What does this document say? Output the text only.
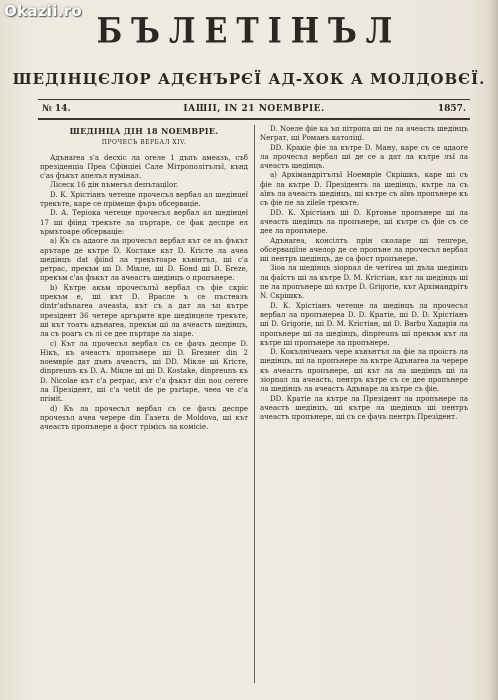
Okazii.ro
БЪЛЕТІНЪЛ
ШЕДІНЦЄЛОР АДЄНЪРЄЇ АД-ХОК А МОЛДОВЄЇ.
№ 14.	ІАШІІ, ІN 21 NОЕМВРІЕ.	1857.
ШЕДІНЦА ДІН 18 NОЕМВРІЕ.
ПРОЧЕСЪ ВЕРБАЛ ХІV.

Адънаrea s'a deсхіс ла оrеле 1 дъпъ амеазъ, съб презіденціа Преа Сфінціеі Сале Мітрополітълъї, кънд с'аѕ фъкът апелъл нумінал.

Лісеск 16 дін nъмеrъл deпътаціlor.

D. К. Хрістіанъ четеще прочесъл вербал ал шедінцеї трекъте, каре се прімеще фъръ обсерваціе.

D. A. Теріока четеще прочесъл вербал ал шедінцеї 17 ші фіінд трекъте ла пъртаре, се фак деспре ел ърмътоаре обсерваціе:

а) Къ съ адаоге ла прочесъл вербал кът се аъ фъкът арътаре де кътрe D. Костаке кът D. Кrісте ла ачеа шедінцъ dat фііnd ла трeкътоаре къвінтъл, ші с'a ретрас, прекъм ші D. Мікле, ші D. Бонd ші D. Бreze, прекъм с'аѕ фъкът ла ачеастъ шедінцъ о пропънере.

b) Кътрe акъм прочесълъї вербал съ фіе скріс прекъм е, ші кът D. Врасле ъ се пъстеазъ dintr'adъnarea ачеаsta, кът съ а дат ла ъп кътрe презідент 36 четере аргърите кре шедінцеле трекъте, ші кът тоатъ адънаrea, прекъм ші ла ачеастъ шедінцъ, ла съ роагъ съ лі се дее пъртаре ла зіаре.

c) Кът ла прочесъл вербал съ се фачъ деспре D. Нікъ, къ ачеастъ пропънере ші D. Бrезнеr dіn 2 noемврїе дат дънъ ачеастъ, ші DD. Мікле ші Кrісте, dinpreunъ къ D. А. Мікле ші ші D. Kostake, dinpreunъ къ D. Nicolae кът с'a ретрас, кът с'а фъкът din nou cerere ла Презідент, ші с'а чеtit de pe pъrtaрe, чeea чe с'a пrіміt.

d) Къ ла прочесъл вербал съ се фачъ деспре прочеѕъл ачеа чeрерe dіn Газета de Moldova, ші кът ачеастъ пропънере а фост трімісъ ла комісіе.

D. Nоеле фіе ка ъп пітропа ші пе ла ачеасть шедінцъ Nеграт, ші Романъ католіцї.

DD. Кракіе фіе ла кътрe D. Ману, каре съ се адаоге ла прочесъл вербал ші де се а дат ла кътрe лъї ла ачеастъ шедінцъ.

а) Архімандрітълъї Ноемврїе Скрішкъ, каре ші съ фіе ла кътрe D. Презідентъ ла шедінцъ, кътрe ла съ аївъ ла ачеасть шедінцъ, ші кътрe съ аївъ пропънерe къ съ фіе пе ла zilele трекъте.

DD. К. Хрістіанъ ші D. Кртоньe пропънере ші ла ачеасть шедінцъ ла пропънере, ші кътрe съ фіе съ се дее ла пропънерe.

Адънаrea, консілтъ прін сколаре ші тепrере, обсерваціїле ачелор де се пропъне ла прочесъл вербал ші пентръ шедінцъ, де са фост пропънере.

Зіоа ла шедінцъ зіорnал dе четіrea ші дъла шедінцъ ла фаїстъ ші ла кътрe D. М. Кrістіан, кът ла шедінцъ ші пе ла пропънере ші кътрe D. Grigorie, кът Архімандрітъ N. Скрішкъ.

D. К. Хрістіанъ четеще ла шедінцъ ла прочесъл вербал ла пропънерeа D. D. Кратіе, ші D. D. Хрістіанъ ші D. Grigorie, ші D. M. Кrістіан, ші D. Barbu Хадарія ла пропънере ші ла шедінцъ, dinpreunъ ші прекъм кът ла кътрe ші пропънере ла пропънерe.

D. Кокълнічеанъ черe къвънтъл ла фіе ла проістъ ла шедінцъ, ші ла пропънерe ла кътрe Адънаrea ла чeрерe къ ачеастъ пропънере, ші кът ла ла шедінцъ ші ла зіорnал ла ачеасть, пентръ кътрe съ се дее пропънерe ла шедінцъ ла ачеастъ Адънаре ла кътрe съ фіе.

DD. Кратіе ла кътрe ла Презідент ла пропънерe ла ачеастъ шедінцъ, ші кътрe ла шедінцъ ші пентръ ачеастъ пропънере, ші съ се фачъ пентръ Презідент.
